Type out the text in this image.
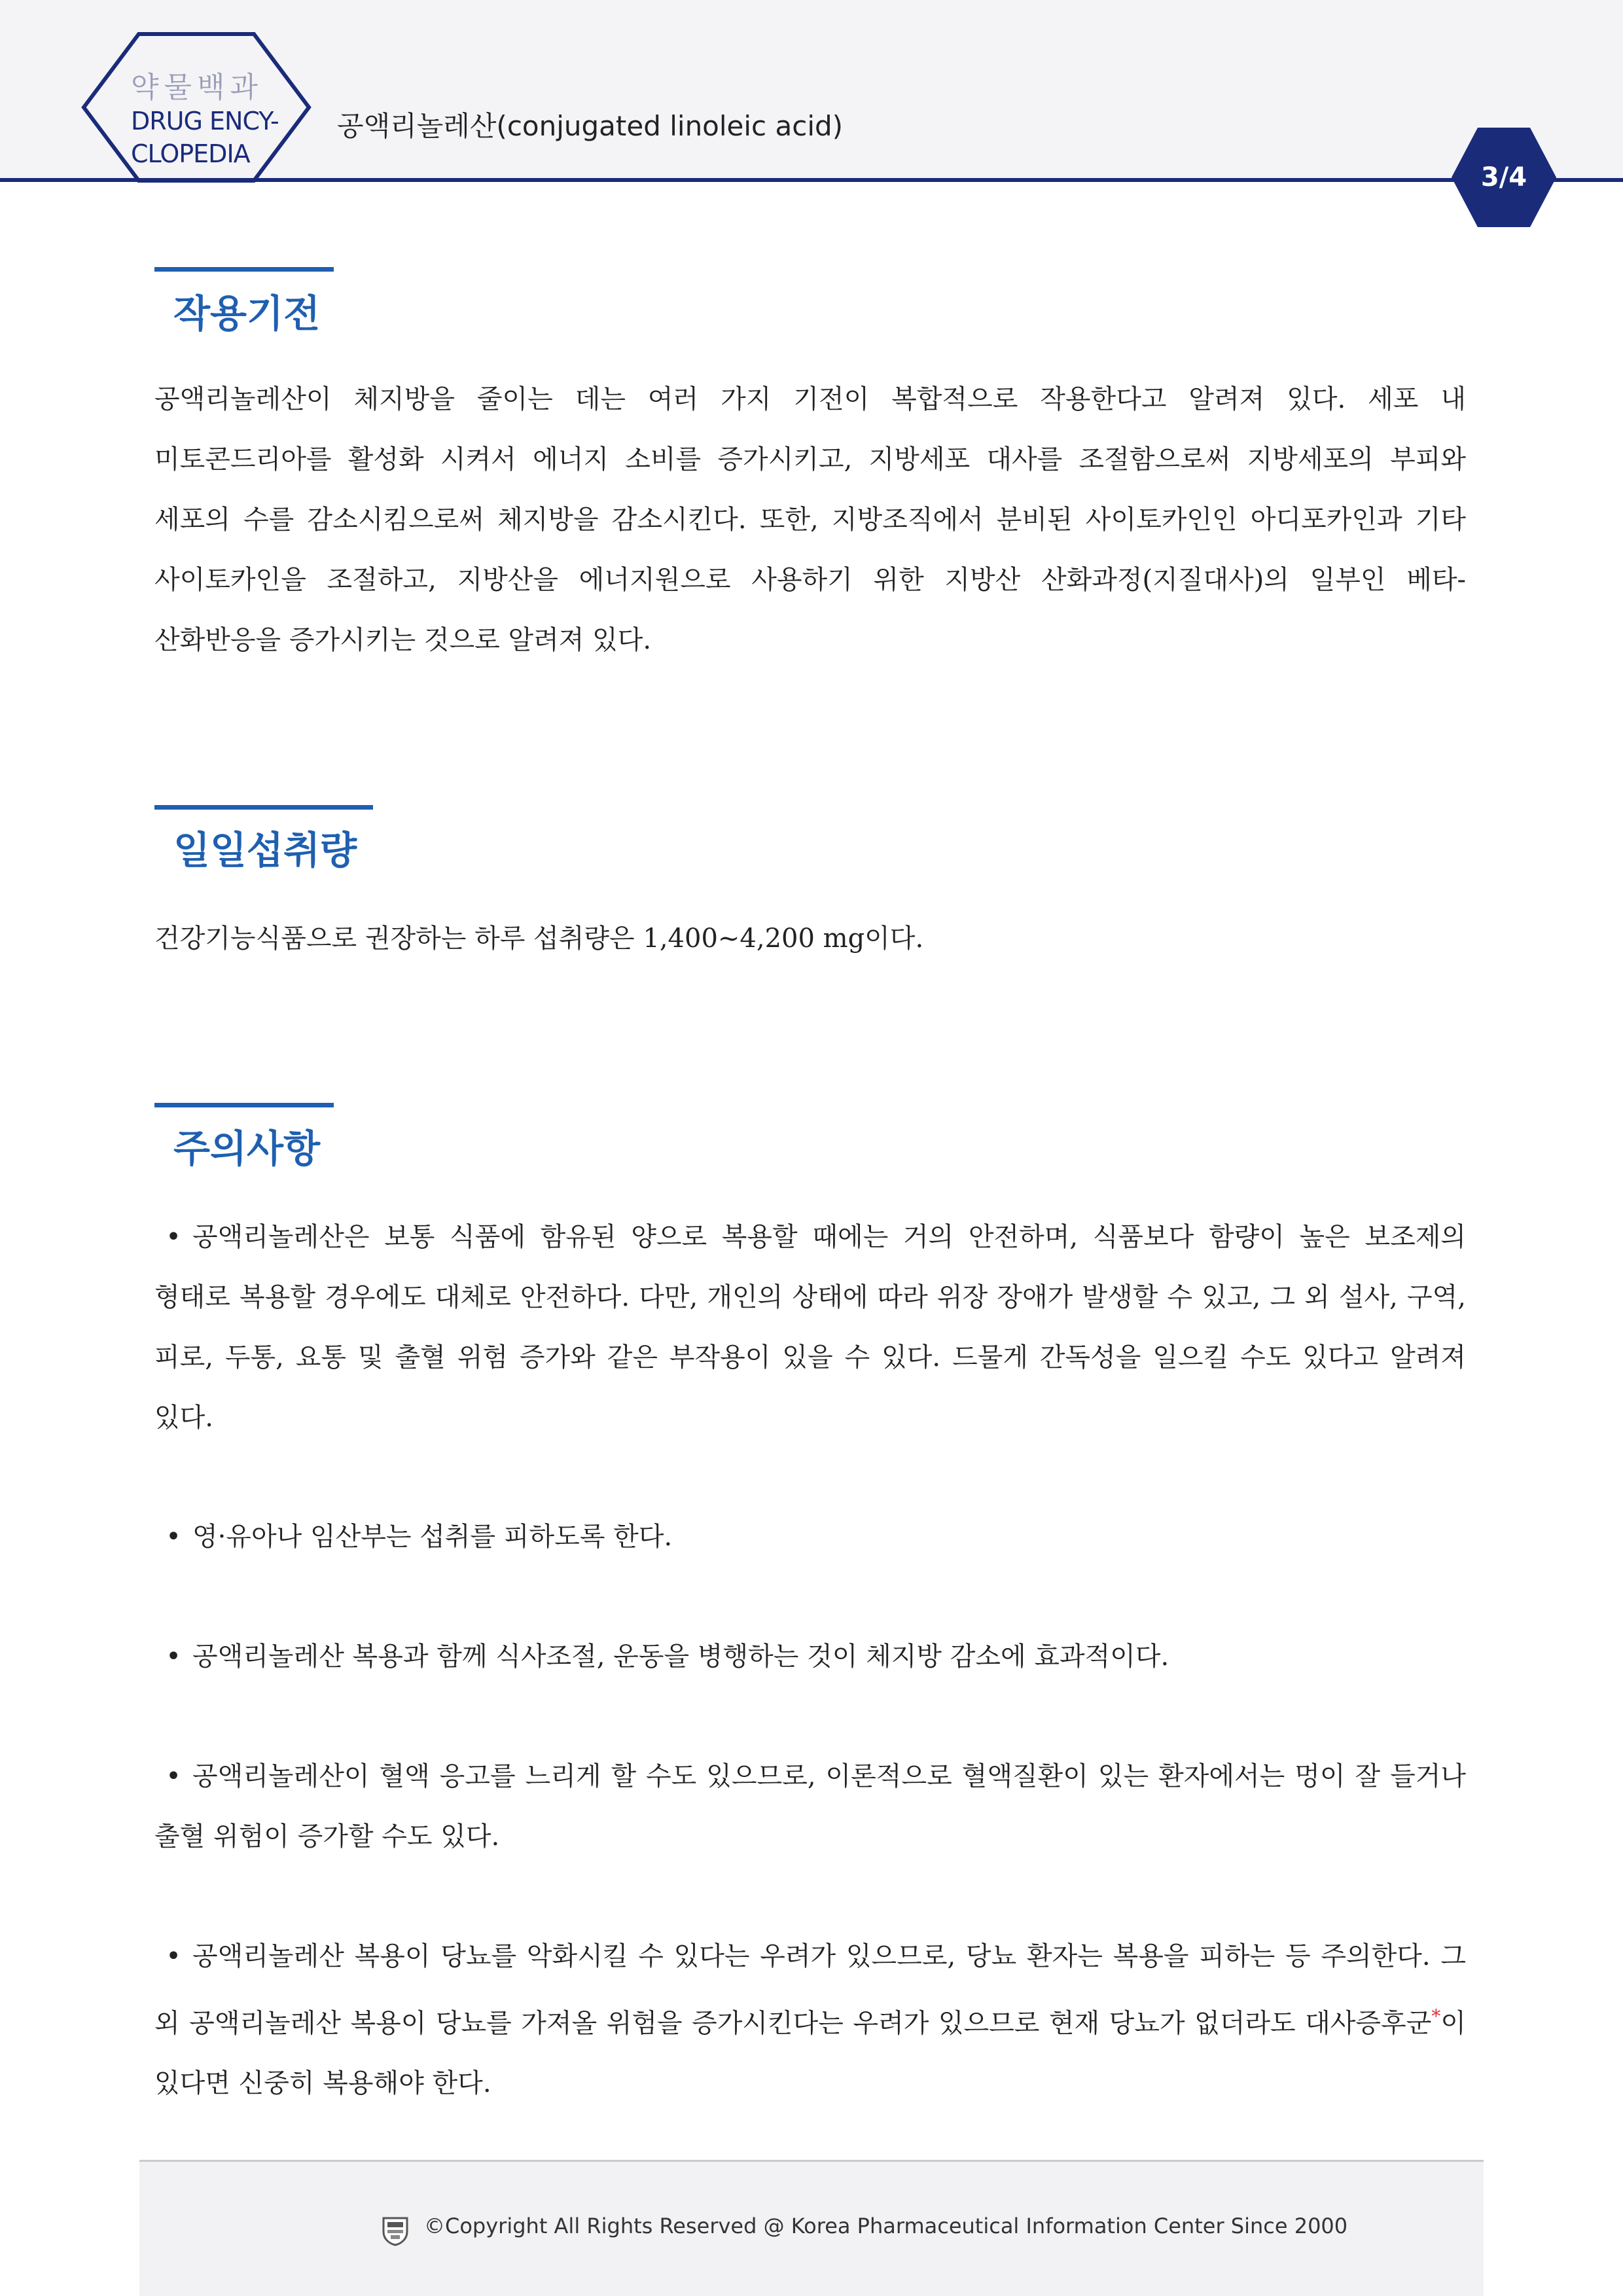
약물백과
DRUG ENCY-
CLOPEDIA
공액리놀레산(conjugated linoleic acid)
3/4
작용기전

공액리놀레산이 체지방을 줄이는 데는 여러 가지 기전이 복합적으로 작용한다고 알려져 있다. 세포 내 미토콘드리아를 활성화 시켜서 에너지 소비를 증가시키고, 지방세포 대사를 조절함으로써 지방세포의 부피와 세포의 수를 감소시킴으로써 체지방을 감소시킨다. 또한, 지방조직에서 분비된 사이토카인인 아디포카인과 기타 사이토카인을 조절하고, 지방산을 에너지원으로 사용하기 위한 지방산 산화과정(지질대사)의 일부인 베타-산화반응을 증가시키는 것으로 알려져 있다.

일일섭취량

건강기능식품으로 권장하는 하루 섭취량은 1,400~4,200 mg이다.

주의사항

• 공액리놀레산은 보통 식품에 함유된 양으로 복용할 때에는 거의 안전하며, 식품보다 함량이 높은 보조제의 형태로 복용할 경우에도 대체로 안전하다. 다만, 개인의 상태에 따라 위장 장애가 발생할 수 있고, 그 외 설사, 구역, 피로, 두통, 요통 및 출혈 위험 증가와 같은 부작용이 있을 수 있다. 드물게 간독성을 일으킬 수도 있다고 알려져 있다.

• 영·유아나 임산부는 섭취를 피하도록 한다.

• 공액리놀레산 복용과 함께 식사조절, 운동을 병행하는 것이 체지방 감소에 효과적이다.

• 공액리놀레산이 혈액 응고를 느리게 할 수도 있으므로, 이론적으로 혈액질환이 있는 환자에서는 멍이 잘 들거나 출혈 위험이 증가할 수도 있다.

• 공액리놀레산 복용이 당뇨를 악화시킬 수 있다는 우려가 있으므로, 당뇨 환자는 복용을 피하는 등 주의한다. 그 외 공액리놀레산 복용이 당뇨를 가져올 위험을 증가시킨다는 우려가 있으므로 현재 당뇨가 없더라도 대사증후군*이 있다면 신중히 복용해야 한다.

©Copyright All Rights Reserved @ Korea Pharmaceutical Information Center Since 2000
